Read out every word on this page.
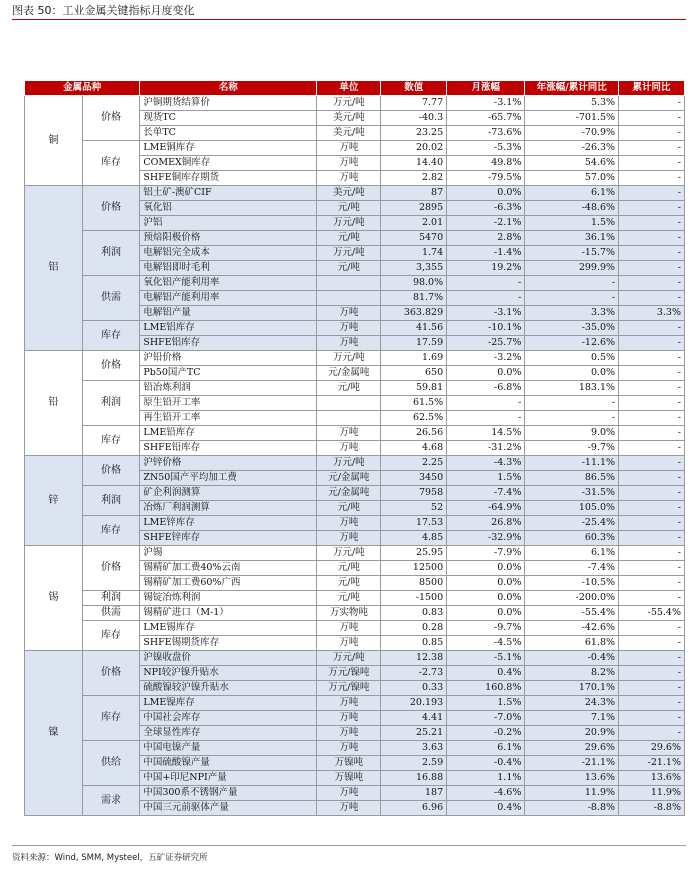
图表 50：工业金属关键指标月度变化
金属品种		名称	单位	数值	月涨幅	年涨幅/累计同比	累计同比
铜	价格	沪铜期货结算价	万元/吨	7.77	-3.1%	5.3%	-
		现货TC	美元/吨	-40.3	-65.7%	-701.5%	-
		长单TC	美元/吨	23.25	-73.6%	-70.9%	-
	库存	LME铜库存	万吨	20.02	-5.3%	-26.3%	-
		COMEX铜库存	万吨	14.40	49.8%	54.6%	-
		SHFE铜库存期货	万吨	2.82	-79.5%	57.0%	-
铝	价格	铝土矿-澳矿CIF	美元/吨	87	0.0%	6.1%	-
		氧化铝	元/吨	2895	-6.3%	-48.6%	-
		沪铝	万元/吨	2.01	-2.1%	1.5%	-
	利润	预焙阳极价格	元/吨	5470	2.8%	36.1%	-
		电解铝完全成本	万元/吨	1.74	-1.4%	-15.7%	-
		电解铝即时毛利	元/吨	3,355	19.2%	299.9%	-
	供需	氧化铝产能利用率		98.0%	-	-	-
		电解铝产能利用率		81.7%	-	-	-
		电解铝产量	万吨	363.829	-3.1%	3.3%	3.3%
	库存	LME铝库存	万吨	41.56	-10.1%	-35.0%	-
		SHFE铝库存	万吨	17.59	-25.7%	-12.6%	-
铅	价格	沪铅价格	万元/吨	1.69	-3.2%	0.5%	-
		Pb50国产TC	元/金属吨	650	0.0%	0.0%	-
	利润	铅冶炼利润	元/吨	59.81	-6.8%	183.1%	-
		原生铅开工率		61.5%	-	-	-
		再生铅开工率		62.5%	-	-	-
	库存	LME铅库存	万吨	26.56	14.5%	9.0%	-
		SHFE铅库存	万吨	4.68	-31.2%	-9.7%	-
锌	价格	沪锌价格	万元/吨	2.25	-4.3%	-11.1%	-
		ZN50国产平均加工费	元/金属吨	3450	1.5%	86.5%	-
	利润	矿企利润测算	元/金属吨	7958	-7.4%	-31.5%	-
		冶炼厂利润测算	元/吨	52	-64.9%	105.0%	-
	库存	LME锌库存	万吨	17.53	26.8%	-25.4%	-
		SHFE锌库存	万吨	4.85	-32.9%	60.3%	-
锡	价格	沪锡	万元/吨	25.95	-7.9%	6.1%	-
		锡精矿加工费40%云南	元/吨	12500	0.0%	-7.4%	-
		锡精矿加工费60%广西	元/吨	8500	0.0%	-10.5%	-
	利润	锡锭冶炼利润	元/吨	-1500	0.0%	-200.0%	-
	供需	锡精矿进口（M-1）	万实物吨	0.83	0.0%	-55.4%	-55.4%
	库存	LME锡库存	万吨	0.28	-9.7%	-42.6%	-
		SHFE锡期货库存	万吨	0.85	-4.5%	61.8%	-
镍	价格	沪镍收盘价	万元/吨	12.38	-5.1%	-0.4%	-
		NPI较沪镍升贴水	万元/镍吨	-2.73	0.4%	8.2%	-
		硫酸镍较沪镍升贴水	万元/镍吨	0.33	160.8%	170.1%	-
	库存	LME镍库存	万吨	20.193	1.5%	24.3%	-
		中国社会库存	万吨	4.41	-7.0%	7.1%	-
		全球显性库存	万吨	25.21	-0.2%	20.9%	-
	供给	中国电镍产量	万吨	3.63	6.1%	29.6%	29.6%
		中国硫酸镍产量	万镍吨	2.59	-0.4%	-21.1%	-21.1%
		中国+印尼NPI产量	万镍吨	16.88	1.1%	13.6%	13.6%
	需求	中国300系不锈钢产量	万吨	187	-4.6%	11.9%	11.9%
		中国三元前驱体产量	万吨	6.96	0.4%	-8.8%	-8.8%
资料来源：Wind, SMM, Mysteel，五矿证券研究所
